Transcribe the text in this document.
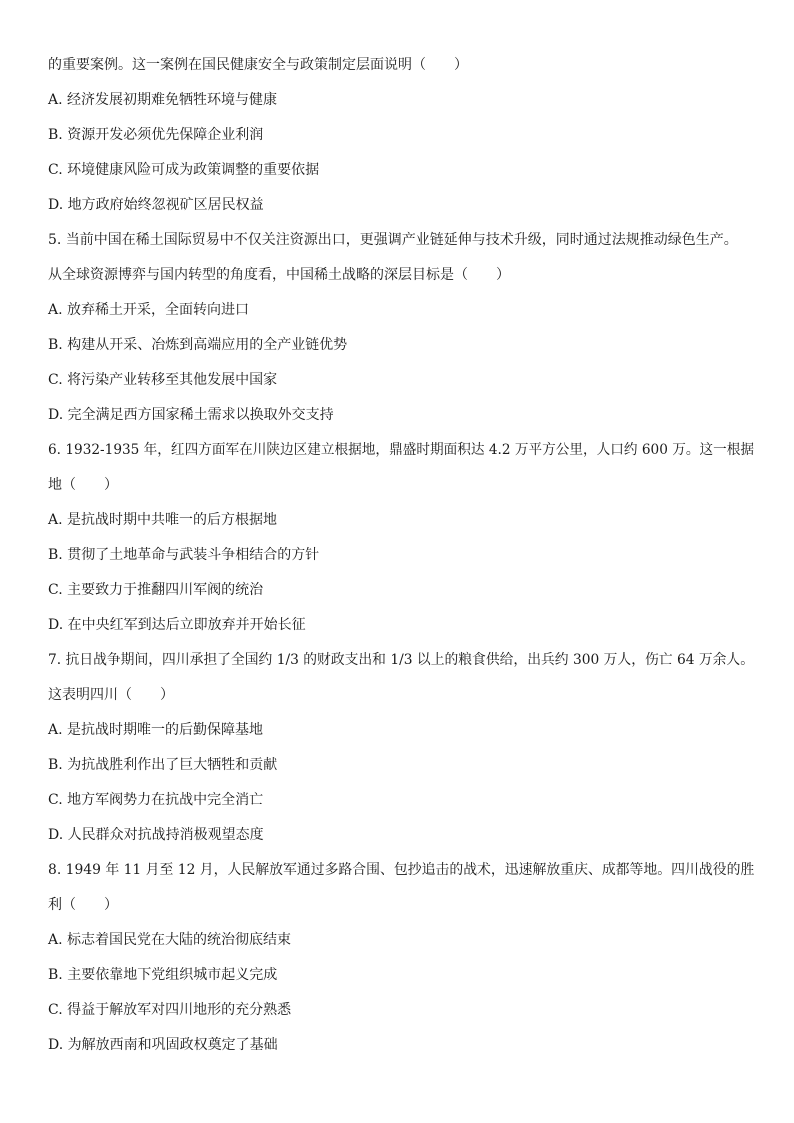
的重要案例。这一案例在国民健康安全与政策制定层面说明（　　）
A. 经济发展初期难免牺牲环境与健康
B. 资源开发必须优先保障企业利润
C. 环境健康风险可成为政策调整的重要依据
D. 地方政府始终忽视矿区居民权益
5. 当前中国在稀土国际贸易中不仅关注资源出口，更强调产业链延伸与技术升级，同时通过法规推动绿色生产。
从全球资源博弈与国内转型的角度看，中国稀土战略的深层目标是（　　）
A. 放弃稀土开采，全面转向进口
B. 构建从开采、冶炼到高端应用的全产业链优势
C. 将污染产业转移至其他发展中国家
D. 完全满足西方国家稀土需求以换取外交支持
6. 1932-1935 年，红四方面军在川陕边区建立根据地，鼎盛时期面积达 4.2 万平方公里，人口约 600 万。这一根据
地（　　）
A. 是抗战时期中共唯一的后方根据地
B. 贯彻了土地革命与武装斗争相结合的方针
C. 主要致力于推翻四川军阀的统治
D. 在中央红军到达后立即放弃并开始长征
7. 抗日战争期间，四川承担了全国约 1/3 的财政支出和 1/3 以上的粮食供给，出兵约 300 万人，伤亡 64 万余人。
这表明四川（　　）
A. 是抗战时期唯一的后勤保障基地
B. 为抗战胜利作出了巨大牺牲和贡献
C. 地方军阀势力在抗战中完全消亡
D. 人民群众对抗战持消极观望态度
8. 1949 年 11 月至 12 月，人民解放军通过多路合围、包抄追击的战术，迅速解放重庆、成都等地。四川战役的胜
利（　　）
A. 标志着国民党在大陆的统治彻底结束
B. 主要依靠地下党组织城市起义完成
C. 得益于解放军对四川地形的充分熟悉
D. 为解放西南和巩固政权奠定了基础
